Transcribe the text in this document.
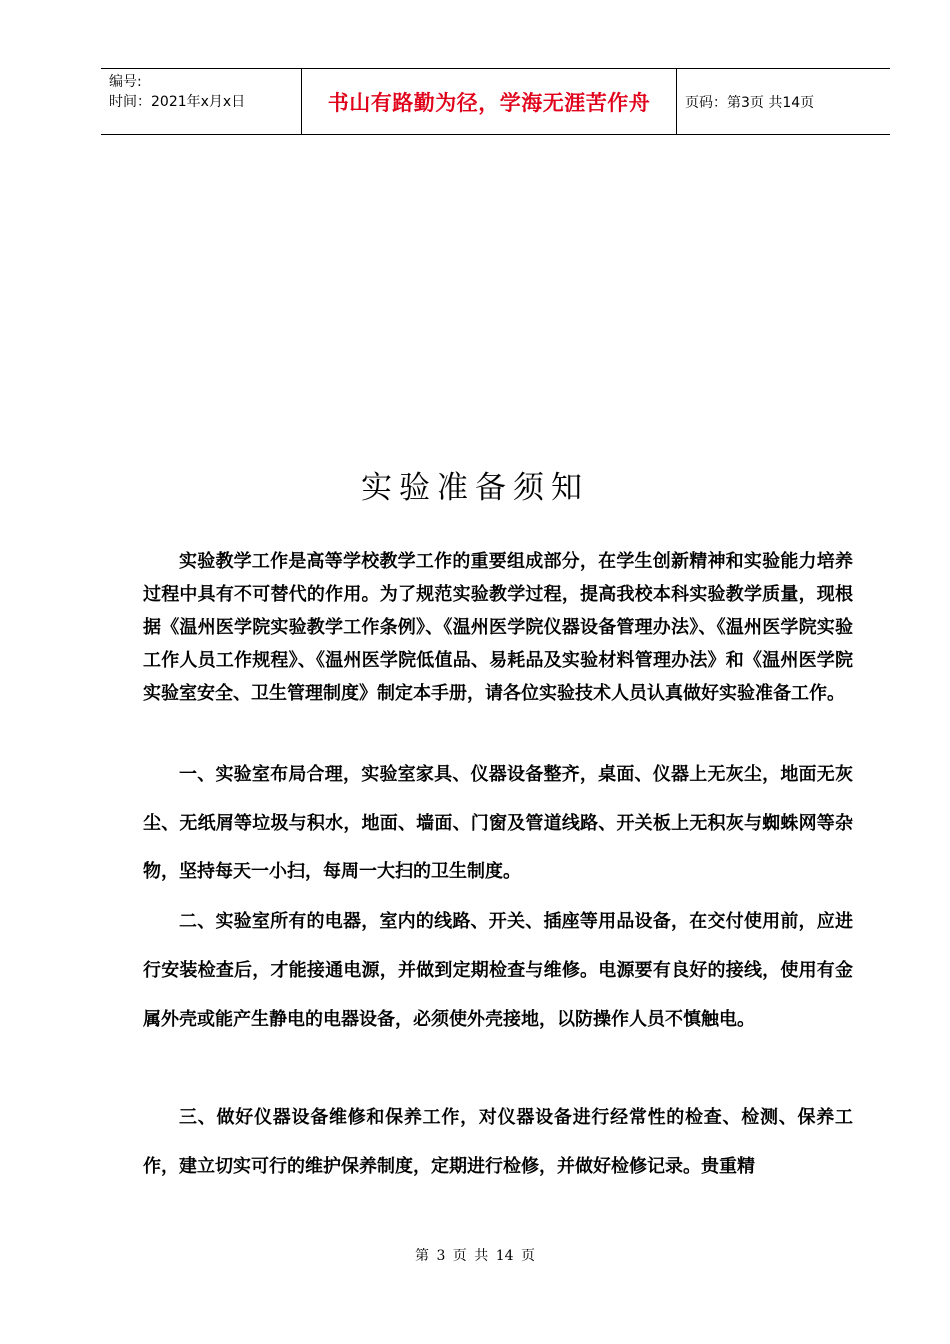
编号:
时间：2021年x月x日	书山有路勤为径，学海无涯苦作舟 页码：第3页 共14页
实验准备须知

实验教学工作是高等学校教学工作的重要组成部分，在学生创新精神和实验能力培养过程中具有不可替代的作用。为了规范实验教学过程，提高我校本科实验教学质量，现根据《温州医学院实验教学工作条例》、《温州医学院仪器设备管理办法》、《温州医学院实验工作人员工作规程》、《温州医学院低值品、易耗品及实验材料管理办法》和《温州医学院实验室安全、卫生管理制度》制定本手册，请各位实验技术人员认真做好实验准备工作。

一、实验室布局合理，实验室家具、仪器设备整齐，桌面、仪器上无灰尘，地面无灰尘、无纸屑等垃圾与积水，地面、墙面、门窗及管道线路、开关板上无积灰与蜘蛛网等杂物，坚持每天一小扫，每周一大扫的卫生制度。

二、实验室所有的电器，室内的线路、开关、插座等用品设备，在交付使用前，应进行安装检查后，才能接通电源，并做到定期检查与维修。电源要有良好的接线，使用有金属外壳或能产生静电的电器设备，必须使外壳接地，以防操作人员不慎触电。

三、做好仪器设备维修和保养工作，对仪器设备进行经常性的检查、检测、保养工作，建立切实可行的维护保养制度，定期进行检修，并做好检修记录。贵重精

第 3 页 共 14 页
